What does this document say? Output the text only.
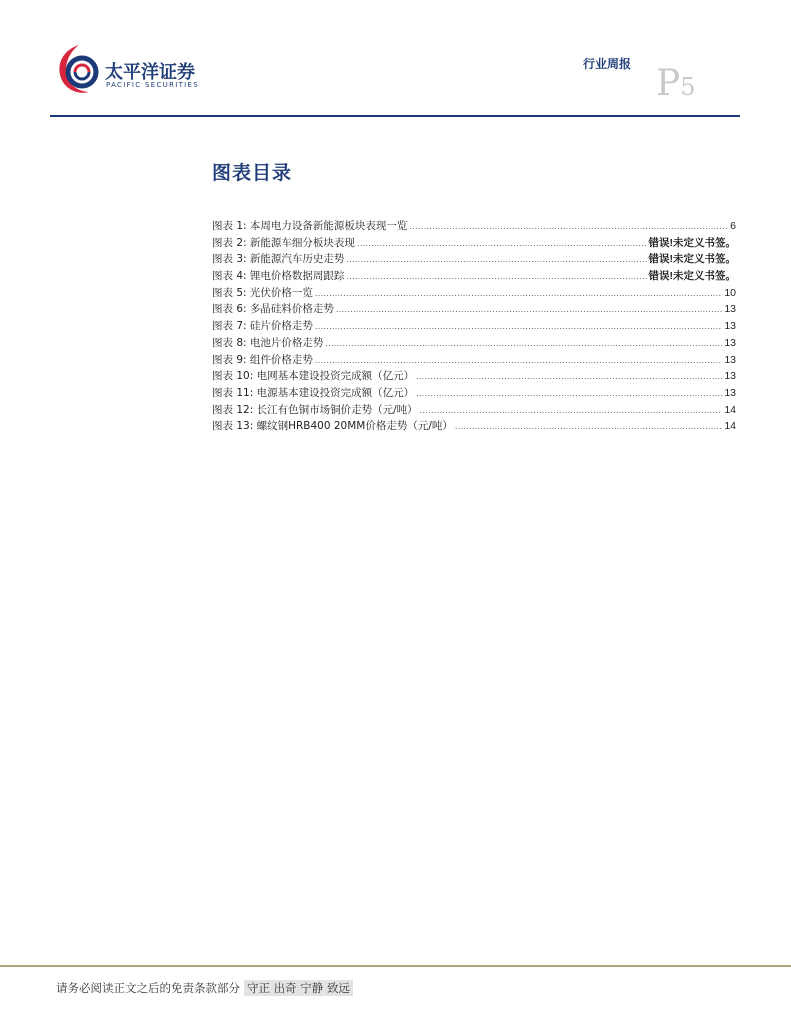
太平洋证券
PACIFIC SECURITIES
行业周报 P5
图表目录
图表 1: 本周电力设备新能源板块表现一览 .....	6
图表 2: 新能源车细分板块表现 .....	错误!未定义书签。
图表 3: 新能源汽车历史走势 .....	错误!未定义书签。
图表 4: 锂电价格数据周跟踪 .....	错误!未定义书签。
图表 5: 光伏价格一览 .....	10
图表 6: 多晶硅料价格走势 .....	13
图表 7: 硅片价格走势 .....	13
图表 8: 电池片价格走势 .....	13
图表 9: 组件价格走势 .....	13
图表 10: 电网基本建设投资完成额（亿元） .....	13
图表 11: 电源基本建设投资完成额（亿元） .....	13
图表 12: 长江有色铜市场铜价走势（元/吨） .....	14
图表 13: 螺纹钢HRB400 20MM价格走势（元/吨） .....	14
请务必阅读正文之后的免责条款部分 守正 出奇 宁静 致远
